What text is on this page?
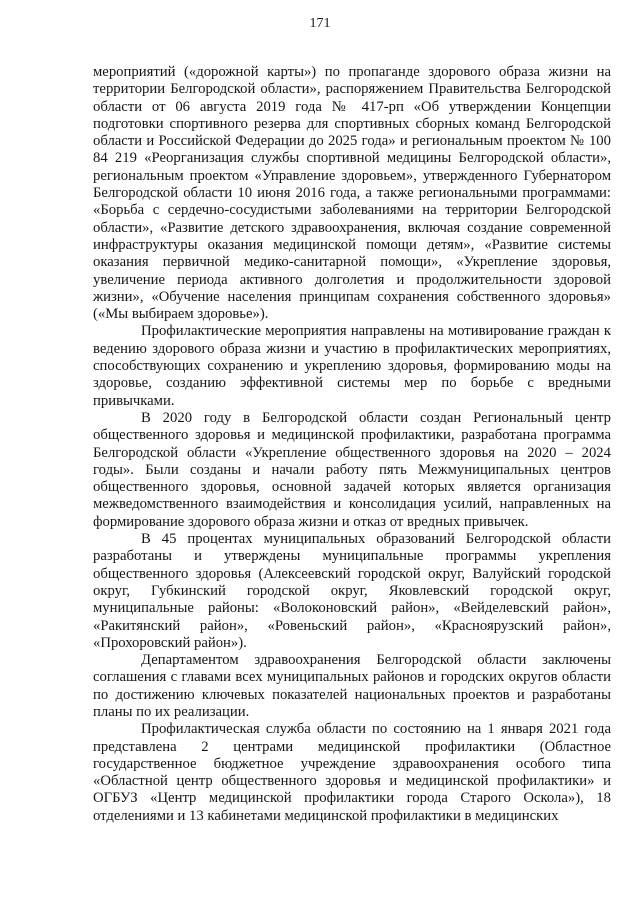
171

мероприятий («дорожной карты») по пропаганде здорового образа жизни на территории Белгородской области», распоряжением Правительства Белгородской области от 06 августа 2019 года № 417-рп «Об утверждении Концепции подготовки спортивного резерва для спортивных сборных команд Белгородской области и Российской Федерации до 2025 года» и региональным проектом № 100 84 219 «Реорганизация службы спортивной медицины Белгородской области», региональным проектом «Управление здоровьем», утвержденного Губернатором Белгородской области 10 июня 2016 года, а также региональными программами: «Борьба с сердечно-сосудистыми заболеваниями на территории Белгородской области», «Развитие детского здравоохранения, включая создание современной инфраструктуры оказания медицинской помощи детям», «Развитие системы оказания первичной медико-санитарной помощи», «Укрепление здоровья, увеличение периода активного долголетия и продолжительности здоровой жизни», «Обучение населения принципам сохранения собственного здоровья» («Мы выбираем здоровье»).

Профилактические мероприятия направлены на мотивирование граждан к ведению здорового образа жизни и участию в профилактических мероприятиях, способствующих сохранению и укреплению здоровья, формированию моды на здоровье, созданию эффективной системы мер по борьбе с вредными привычками.

В 2020 году в Белгородской области создан Региональный центр общественного здоровья и медицинской профилактики, разработана программа Белгородской области «Укрепление общественного здоровья на 2020 – 2024 годы». Были созданы и начали работу пять Межмуниципальных центров общественного здоровья, основной задачей которых является организация межведомственного взаимодействия и консолидация усилий, направленных на формирование здорового образа жизни и отказ от вредных привычек.

В 45 процентах муниципальных образований Белгородской области разработаны и утверждены муниципальные программы укрепления общественного здоровья (Алексеевский городской округ, Валуйский городской округ, Губкинский городской округ, Яковлевский городской округ, муниципальные районы: «Волоконовский район», «Вейделевский район», «Ракитянский район», «Ровеньский район», «Красноярузский район», «Прохоровский район»).

Департаментом здравоохранения Белгородской области заключены соглашения с главами всех муниципальных районов и городских округов области по достижению ключевых показателей национальных проектов и разработаны планы по их реализации.

Профилактическая служба области по состоянию на 1 января 2021 года представлена 2 центрами медицинской профилактики (Областное государственное бюджетное учреждение здравоохранения особого типа «Областной центр общественного здоровья и медицинской профилактики» и ОГБУЗ «Центр медицинской профилактики города Старого Оскола»), 18 отделениями и 13 кабинетами медицинской профилактики в медицинских
